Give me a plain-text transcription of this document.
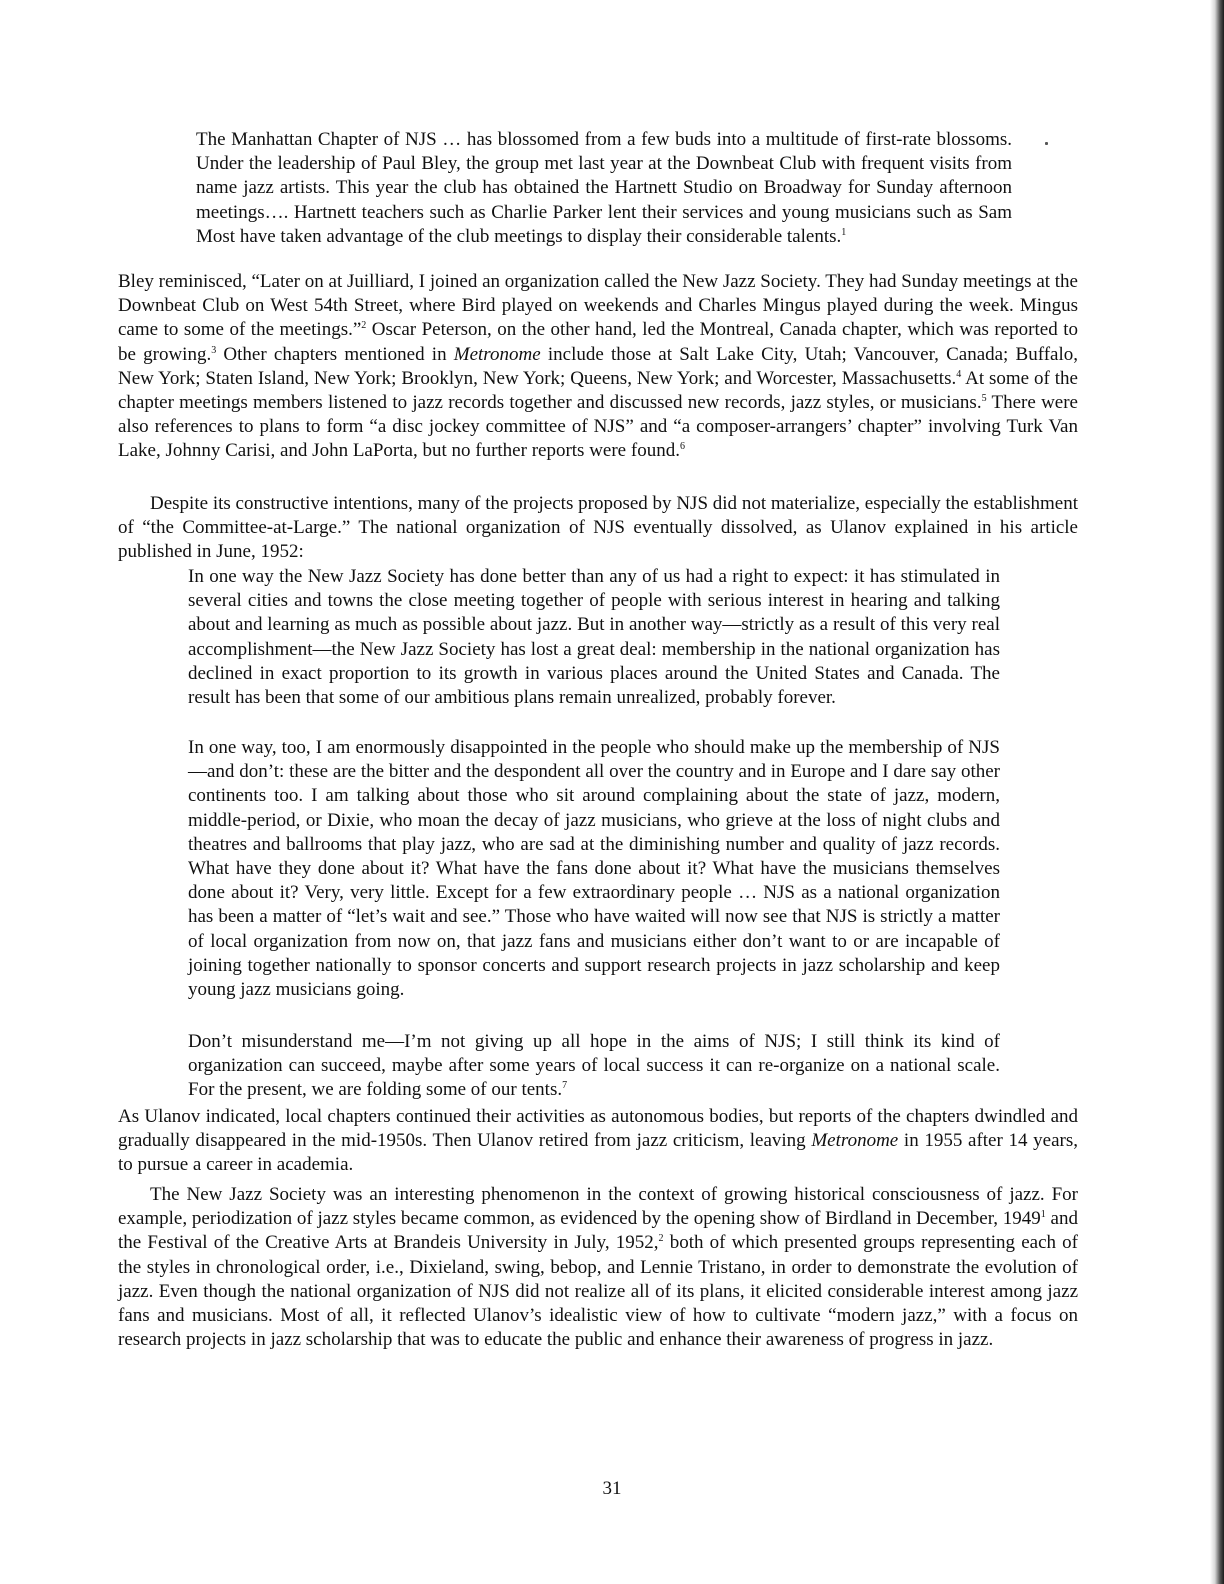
The Manhattan Chapter of NJS … has blossomed from a few buds into a multitude of first-rate blossoms. Under the leadership of Paul Bley, the group met last year at the Downbeat Club with frequent visits from name jazz artists. This year the club has obtained the Hartnett Studio on Broadway for Sunday afternoon meetings…. Hartnett teachers such as Charlie Parker lent their services and young musicians such as Sam Most have taken advantage of the club meetings to display their considerable talents.$^1$

Bley reminisced, “Later on at Juilliard, I joined an organization called the New Jazz Society. They had Sunday meetings at the Downbeat Club on West 54th Street, where Bird played on weekends and Charles Mingus played during the week. Mingus came to some of the meetings.”$^2$ Oscar Peterson, on the other hand, led the Montreal, Canada chapter, which was reported to be growing.$^3$ Other chapters mentioned in Metronome include those at Salt Lake City, Utah; Vancouver, Canada; Buffalo, New York; Staten Island, New York; Brooklyn, New York; Queens, New York; and Worcester, Massachusetts.$^4$ At some of the chapter meetings members listened to jazz records together and discussed new records, jazz styles, or musicians.$^5$ There were also references to plans to form “a disc jockey committee of NJS” and “a composer-arrangers’ chapter” involving Turk Van Lake, Johnny Carisi, and John LaPorta, but no further reports were found.$^6$

Despite its constructive intentions, many of the projects proposed by NJS did not materialize, especially the establishment of “the Committee-at-Large.” The national organization of NJS eventually dissolved, as Ulanov explained in his article published in June, 1952:

In one way the New Jazz Society has done better than any of us had a right to expect: it has stimulated in several cities and towns the close meeting together of people with serious interest in hearing and talking about and learning as much as possible about jazz. But in another way—strictly as a result of this very real accomplishment—the New Jazz Society has lost a great deal: membership in the national organization has declined in exact proportion to its growth in various places around the United States and Canada. The result has been that some of our ambitious plans remain unrealized, probably forever.

In one way, too, I am enormously disappointed in the people who should make up the membership of NJS—and don’t: these are the bitter and the despondent all over the country and in Europe and I dare say other continents too. I am talking about those who sit around complaining about the state of jazz, modern, middle-period, or Dixie, who moan the decay of jazz musicians, who grieve at the loss of night clubs and theatres and ballrooms that play jazz, who are sad at the diminishing number and quality of jazz records. What have they done about it? What have the fans done about it? What have the musicians themselves done about it? Very, very little. Except for a few extraordinary people … NJS as a national organization has been a matter of “let’s wait and see.” Those who have waited will now see that NJS is strictly a matter of local organization from now on, that jazz fans and musicians either don’t want to or are incapable of joining together nationally to sponsor concerts and support research projects in jazz scholarship and keep young jazz musicians going.

Don’t misunderstand me—I’m not giving up all hope in the aims of NJS; I still think its kind of organization can succeed, maybe after some years of local success it can re-organize on a national scale. For the present, we are folding some of our tents.$^7$

As Ulanov indicated, local chapters continued their activities as autonomous bodies, but reports of the chapters dwindled and gradually disappeared in the mid-1950s. Then Ulanov retired from jazz criticism, leaving Metronome in 1955 after 14 years, to pursue a career in academia.

The New Jazz Society was an interesting phenomenon in the context of growing historical consciousness of jazz. For example, periodization of jazz styles became common, as evidenced by the opening show of Birdland in December, 1949$^1$ and the Festival of the Creative Arts at Brandeis University in July, 1952,$^2$ both of which presented groups representing each of the styles in chronological order, i.e., Dixieland, swing, bebop, and Lennie Tristano, in order to demonstrate the evolution of jazz. Even though the national organization of NJS did not realize all of its plans, it elicited considerable interest among jazz fans and musicians. Most of all, it reflected Ulanov’s idealistic view of how to cultivate “modern jazz,” with a focus on research projects in jazz scholarship that was to educate the public and enhance their awareness of progress in jazz.

31
